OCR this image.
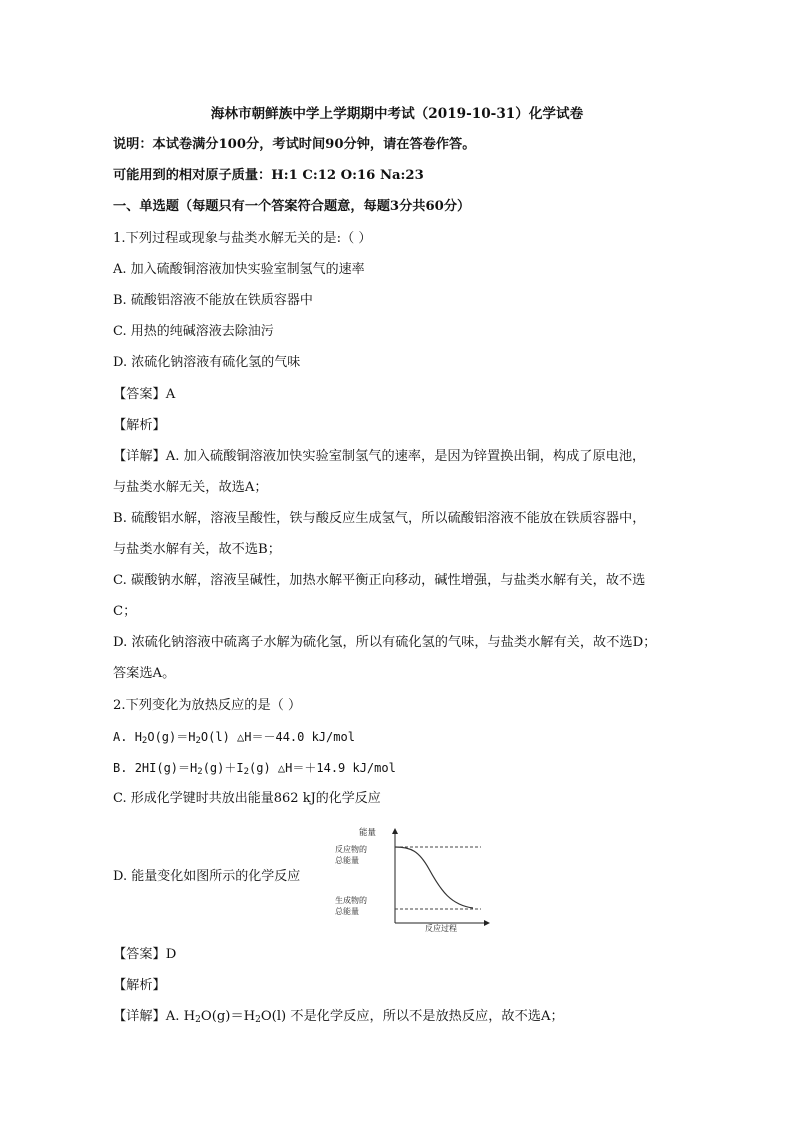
海林市朝鲜族中学上学期期中考试（2019-10-31）化学试卷
说明：本试卷满分100分，考试时间90分钟，请在答卷作答。
可能用到的相对原子质量：H:1 C:12 O:16 Na:23
一、单选题（每题只有一个答案符合题意，每题3分共60分）
1.下列过程或现象与盐类水解无关的是:（ ）
A. 加入硫酸铜溶液加快实验室制氢气的速率
B. 硫酸铝溶液不能放在铁质容器中
C. 用热的纯碱溶液去除油污
D. 浓硫化钠溶液有硫化氢的气味
【答案】A
【解析】
【详解】A. 加入硫酸铜溶液加快实验室制氢气的速率，是因为锌置换出铜，构成了原电池，
与盐类水解无关，故选A；
B. 硫酸铝水解，溶液呈酸性，铁与酸反应生成氢气，所以硫酸铝溶液不能放在铁质容器中，
与盐类水解有关，故不选B；
C. 碳酸钠水解，溶液呈碱性，加热水解平衡正向移动，碱性增强，与盐类水解有关，故不选
C；
D. 浓硫化钠溶液中硫离子水解为硫化氢，所以有硫化氢的气味，与盐类水解有关，故不选D；
答案选A。
2.下列变化为放热反应的是（ ）
A. $H_2O(g)=H_2O(l)$ △H＝－44.0 kJ/mol
B. $2HI(g)=H_2(g)+I_2(g)$ △H＝＋14.9 kJ/mol
C. 形成化学键时共放出能量862 kJ的化学反应
D. 能量变化如图所示的化学反应
能量
反应物的
总能量
生成物的
总能量
反应过程
【答案】D
【解析】
【详解】A. $H_2O(g)=H_2O(l)$ 不是化学反应，所以不是放热反应，故不选A；
